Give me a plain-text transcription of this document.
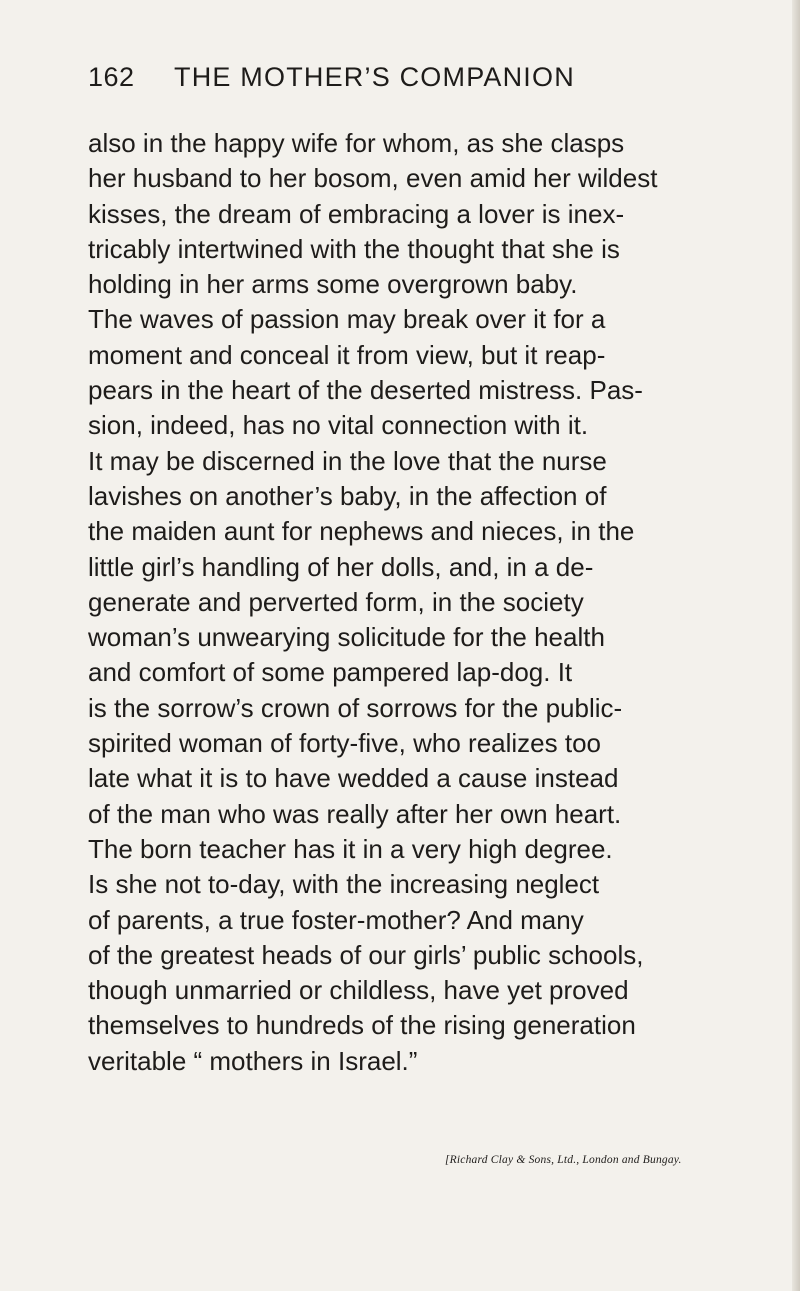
162 THE MOTHER’S COMPANION
also in the happy wife for whom, as she clasps
her husband to her bosom, even amid her wildest
kisses, the dream of embracing a lover is inex-
tricably intertwined with the thought that she is
holding in her arms some overgrown baby.
The waves of passion may break over it for a
moment and conceal it from view, but it reap-
pears in the heart of the deserted mistress. Pas-
sion, indeed, has no vital connection with it.
It may be discerned in the love that the nurse
lavishes on another’s baby, in the affection of
the maiden aunt for nephews and nieces, in the
little girl’s handling of her dolls, and, in a de-
generate and perverted form, in the society
woman’s unwearying solicitude for the health
and comfort of some pampered lap-dog. It
is the sorrow’s crown of sorrows for the public-
spirited woman of forty-five, who realizes too
late what it is to have wedded a cause instead
of the man who was really after her own heart.
The born teacher has it in a very high degree.
Is she not to-day, with the increasing neglect
of parents, a true foster-mother? And many
of the greatest heads of our girls’ public schools,
though unmarried or childless, have yet proved
themselves to hundreds of the rising generation
veritable “ mothers in Israel.”
[Richard Clay & Sons, Ltd., London and Bungay.
